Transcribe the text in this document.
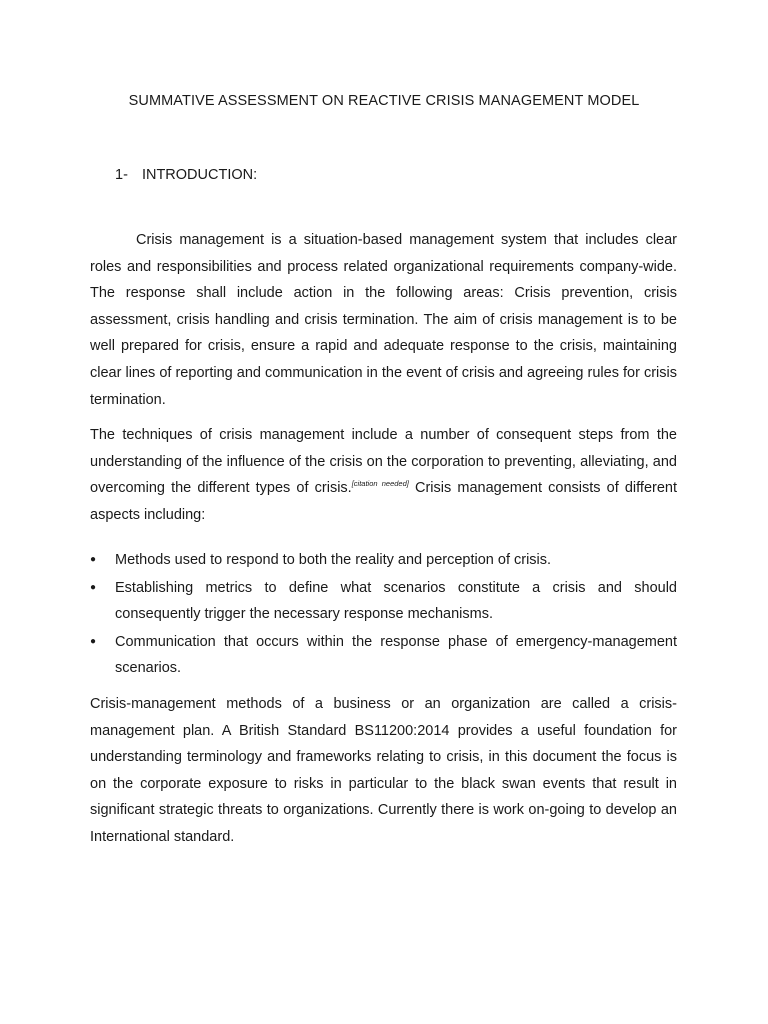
SUMMATIVE ASSESSMENT ON REACTIVE CRISIS MANAGEMENT MODEL
1- INTRODUCTION:
Crisis management is a situation-based management system that includes clear roles and responsibilities and process related organizational requirements company-wide. The response shall include action in the following areas: Crisis prevention, crisis assessment, crisis handling and crisis termination. The aim of crisis management is to be well prepared for crisis, ensure a rapid and adequate response to the crisis, maintaining clear lines of reporting and communication in the event of crisis and agreeing rules for crisis termination.
The techniques of crisis management include a number of consequent steps from the understanding of the influence of the crisis on the corporation to preventing, alleviating, and overcoming the different types of crisis.[citation needed] Crisis management consists of different aspects including:
● Methods used to respond to both the reality and perception of crisis.
● Establishing metrics to define what scenarios constitute a crisis and should consequently trigger the necessary response mechanisms.
● Communication that occurs within the response phase of emergency-management scenarios.
Crisis-management methods of a business or an organization are called a crisis-management plan. A British Standard BS11200:2014 provides a useful foundation for understanding terminology and frameworks relating to crisis, in this document the focus is on the corporate exposure to risks in particular to the black swan events that result in significant strategic threats to organizations. Currently there is work on-going to develop an International standard.
